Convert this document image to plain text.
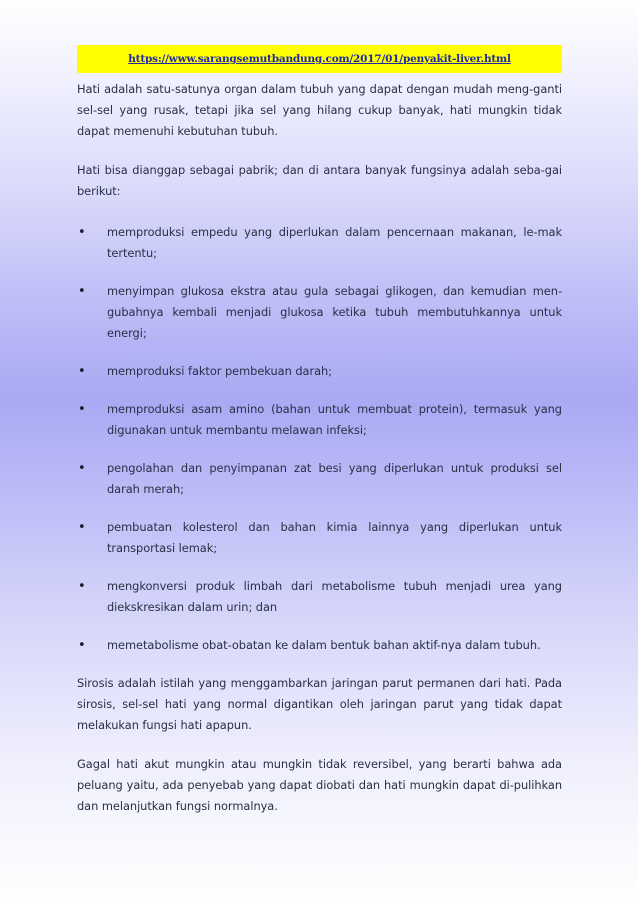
https://www.sarangsemutbandung.com/2017/01/penyakit-liver.html

Hati adalah satu-satunya organ dalam tubuh yang dapat dengan mudah meng-ganti sel-sel yang rusak, tetapi jika sel yang hilang cukup banyak, hati mungkin tidak dapat memenuhi kebutuhan tubuh.

Hati bisa dianggap sebagai pabrik; dan di antara banyak fungsinya adalah seba-gai berikut:

• memproduksi empedu yang diperlukan dalam pencernaan makanan, le-mak tertentu;
• menyimpan glukosa ekstra atau gula sebagai glikogen, dan kemudian men-gubahnya kembali menjadi glukosa ketika tubuh membutuhkannya untuk energi;
• memproduksi faktor pembekuan darah;
• memproduksi asam amino (bahan untuk membuat protein), termasuk yang digunakan untuk membantu melawan infeksi;
• pengolahan dan penyimpanan zat besi yang diperlukan untuk produksi sel darah merah;
• pembuatan kolesterol dan bahan kimia lainnya yang diperlukan untuk transportasi lemak;
• mengkonversi produk limbah dari metabolisme tubuh menjadi urea yang diekskresikan dalam urin; dan
• memetabolisme obat-obatan ke dalam bentuk bahan aktif-nya dalam tubuh.

Sirosis adalah istilah yang menggambarkan jaringan parut permanen dari hati. Pada sirosis, sel-sel hati yang normal digantikan oleh jaringan parut yang tidak dapat melakukan fungsi hati apapun.

Gagal hati akut mungkin atau mungkin tidak reversibel, yang berarti bahwa ada peluang yaitu, ada penyebab yang dapat diobati dan hati mungkin dapat di-pulihkan dan melanjutkan fungsi normalnya.
